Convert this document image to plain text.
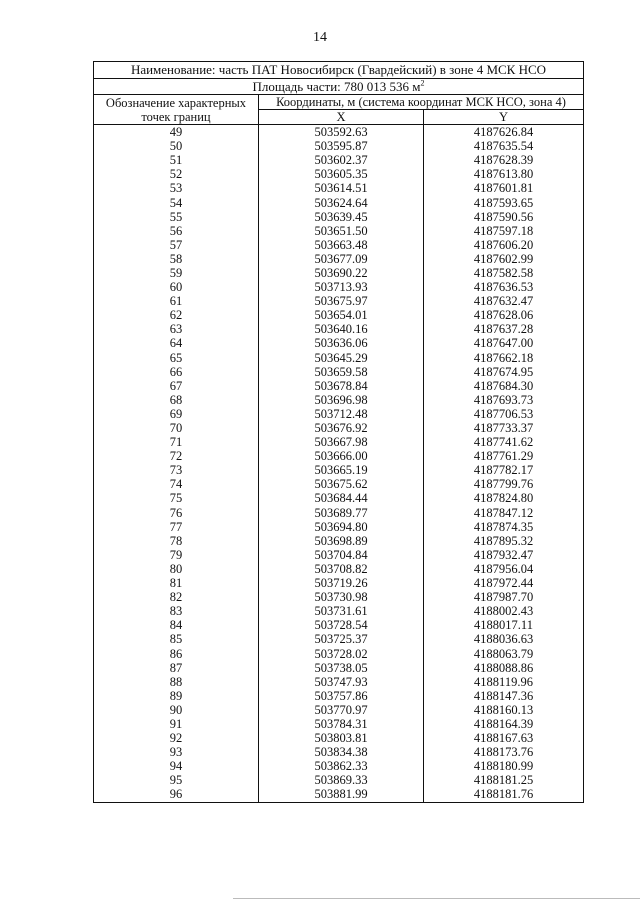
14
Наименование: часть ПАТ Новосибирск (Гвардейский) в зоне 4 МСК НСО		
Площадь части: 780 013 536 $м^2$
Обозначение характерных
точек границ	Координаты, м (система координат МСК НСО, зона 4)	
	X	Y
49	503592.63	4187626.84
50	503595.87	4187635.54
51	503602.37	4187628.39
52	503605.35	4187613.80
53	503614.51	4187601.81
54	503624.64	4187593.65
55	503639.45	4187590.56
56	503651.50	4187597.18
57	503663.48	4187606.20
58	503677.09	4187602.99
59	503690.22	4187582.58
60	503713.93	4187636.53
61	503675.97	4187632.47
62	503654.01	4187628.06
63	503640.16	4187637.28
64	503636.06	4187647.00
65	503645.29	4187662.18
66	503659.58	4187674.95
67	503678.84	4187684.30
68	503696.98	4187693.73
69	503712.48	4187706.53
70	503676.92	4187733.37
71	503667.98	4187741.62
72	503666.00	4187761.29
73	503665.19	4187782.17
74	503675.62	4187799.76
75	503684.44	4187824.80
76	503689.77	4187847.12
77	503694.80	4187874.35
78	503698.89	4187895.32
79	503704.84	4187932.47
80	503708.82	4187956.04
81	503719.26	4187972.44
82	503730.98	4187987.70
83	503731.61	4188002.43
84	503728.54	4188017.11
85	503725.37	4188036.63
86	503728.02	4188063.79
87	503738.05	4188088.86
88	503747.93	4188119.96
89	503757.86	4188147.36
90	503770.97	4188160.13
91	503784.31	4188164.39
92	503803.81	4188167.63
93	503834.38	4188173.76
94	503862.33	4188180.99
95	503869.33	4188181.25
96	503881.99	4188181.76
